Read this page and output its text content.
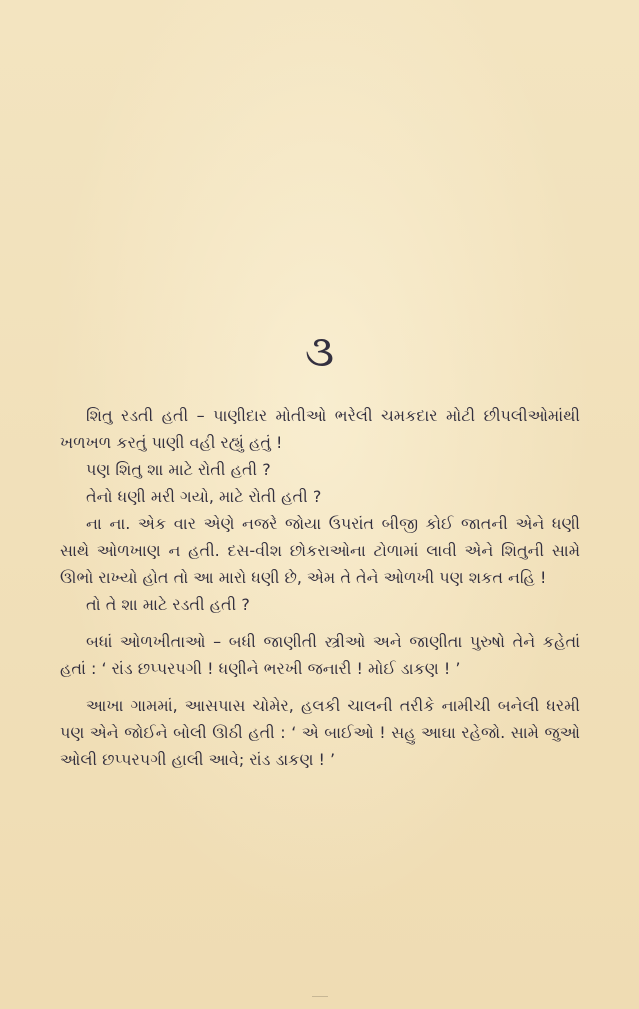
૩

શિતુ રડતી હતી – પાણીદાર મોતીઓ ભરેલી ચમકદાર મોટી છીપલીઓમાંથી ખળખળ કરતું પાણી વહી રહ્યું હતું !

પણ શિતુ શા માટે રોતી હતી ?

તેનો ધણી મરી ગયો, માટે રોતી હતી ?

ના ના. એક વાર એણે નજરે જોયા ઉપરાંત બીજી કોઈ જાતની એને ધણી સાથે ઓળખાણ ન હતી. દસ-વીશ છોકરાઓના ટોળામાં લાવી એને શિતુની સામે ઊભો રાખ્યો હોત તો આ મારો ધણી છે, એમ તે તેને ઓળખી પણ શકત નહિ !

તો તે શા માટે રડતી હતી ?

બધાં ઓળખીતાઓ – બધી જાણીતી સ્ત્રીઓ અને જાણીતા પુરુષો તેને કહેતાં હતાં : ‘ રાંડ છપ્પરપગી ! ધણીને ભરખી જનારી ! મોઈ ડાકણ ! ’

આખા ગામમાં, આસપાસ ચોમેર, હલકી ચાલની તરીકે નામીચી બનેલી ધરમી પણ એને જોઈને બોલી ઊઠી હતી : ‘ એ બાઈઓ ! સહુ આઘા રહેજો. સામે જુઓ ઓલી છપ્પરપગી હાલી આવે; રાંડ ડાકણ ! ’
